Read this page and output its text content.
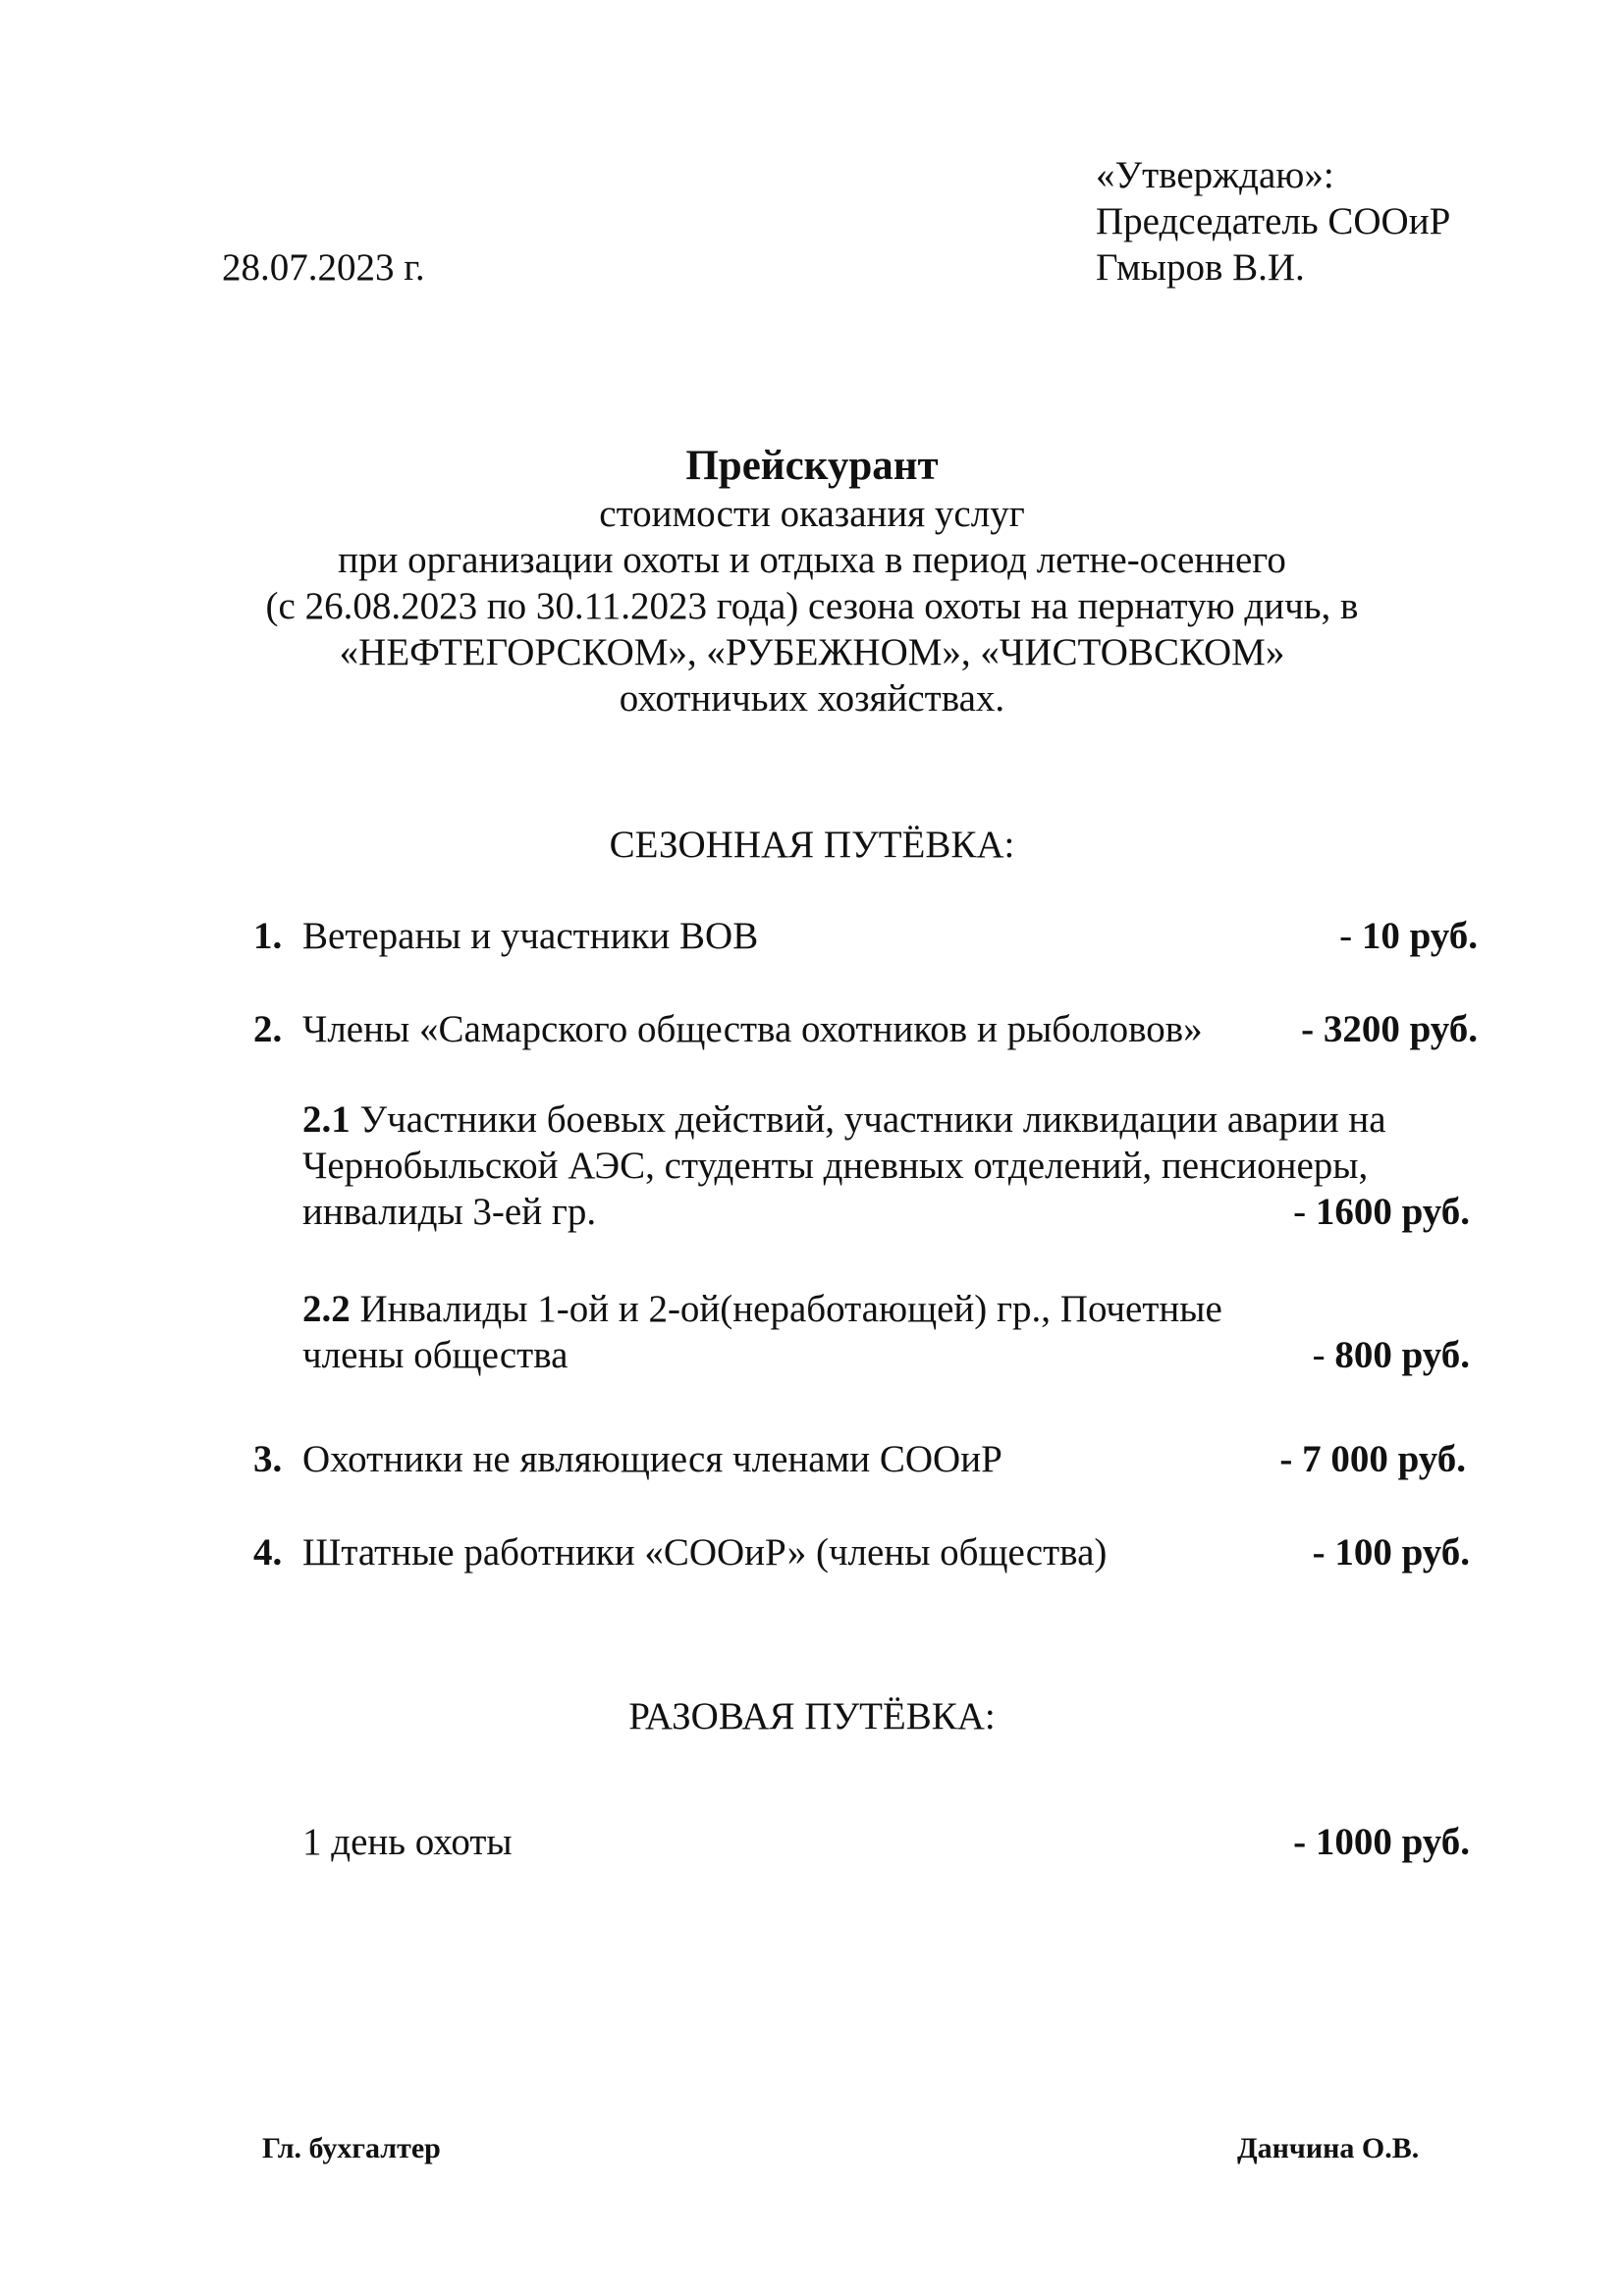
«Утверждаю»:
Председатель СООиР
Гмыров В.И.
28.07.2023 г.
Прейскурант
стоимости оказания услуг
при организации охоты и отдыха в период летне-осеннего
(с 26.08.2023 по 30.11.2023 года) сезона охоты на пернатую дичь, в
«НЕФТЕГОРСКОМ», «РУБЕЖНОМ», «ЧИСТОВСКОМ»
охотничьих хозяйствах.
СЕЗОННАЯ ПУТЁВКА:
1. Ветераны и участники ВОВ	- 10 руб.
2. Члены «Самарского общества охотников и рыболовов»	- 3200 руб.
2.1 Участники боевых действий, участники ликвидации аварии на
Чернобыльской АЭС, студенты дневных отделений, пенсионеры,
инвалиды 3-ей гр.	- 1600 руб.
2.2 Инвалиды 1-ой и 2-ой(неработающей) гр., Почетные
члены общества	- 800 руб.
3. Охотники не являющиеся членами СООиР	- 7 000 руб.
4. Штатные работники «СООиР» (члены общества)	- 100 руб.
РАЗОВАЯ ПУТЁВКА:
1 день охоты	- 1000 руб.
Гл. бухгалтер	Данчина О.В.
